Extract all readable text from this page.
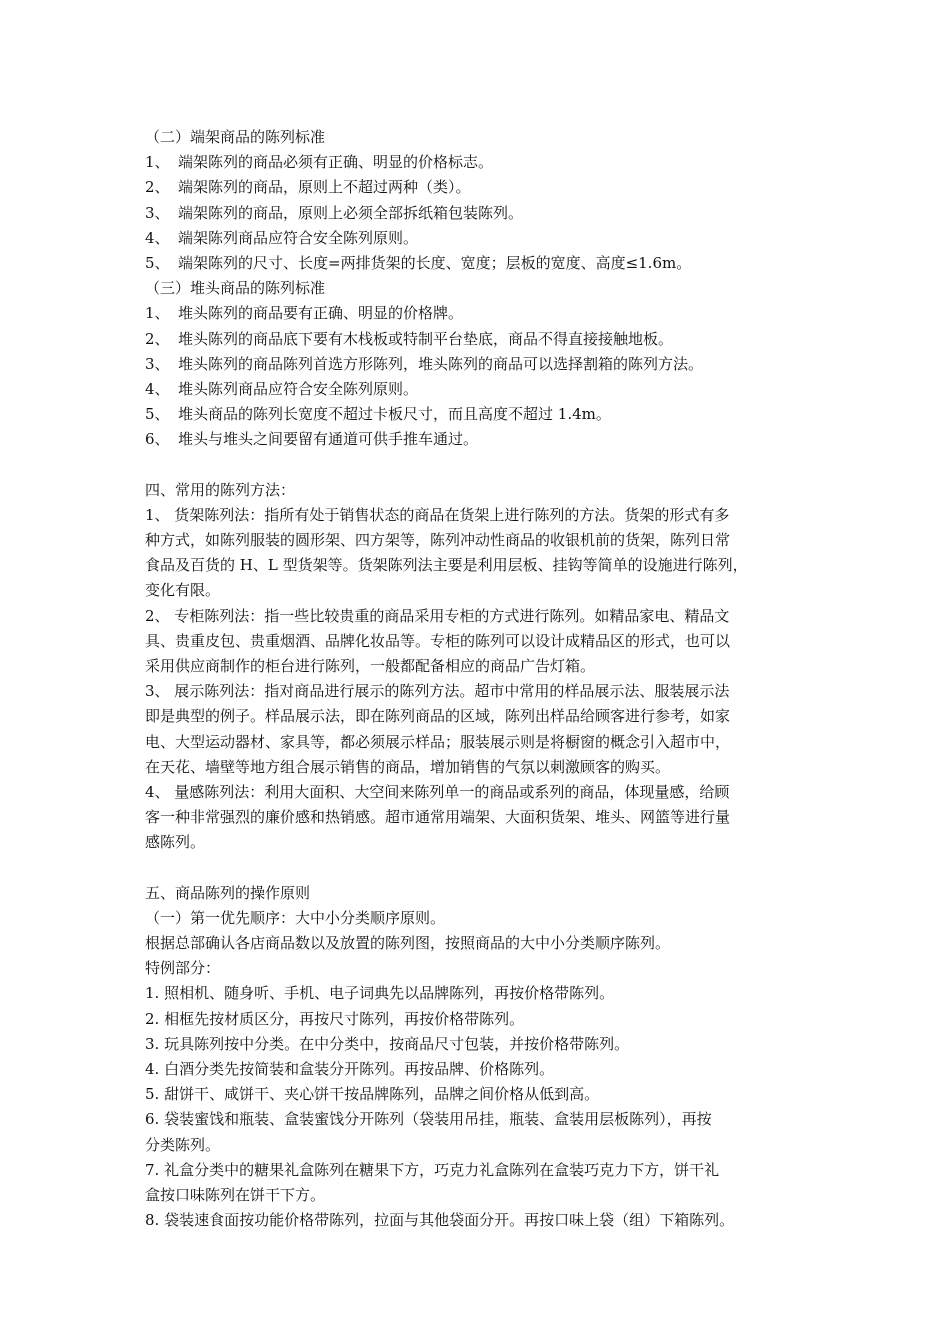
（二）端架商品的陈列标准
1、 端架陈列的商品必须有正确、明显的价格标志。
2、 端架陈列的商品，原则上不超过两种（类）。
3、 端架陈列的商品，原则上必须全部拆纸箱包装陈列。
4、 端架陈列商品应符合安全陈列原则。
5、 端架陈列的尺寸、长度=两排货架的长度、宽度；层板的宽度、高度≤1.6m。
（三）堆头商品的陈列标准
1、 堆头陈列的商品要有正确、明显的价格牌。
2、 堆头陈列的商品底下要有木栈板或特制平台垫底，商品不得直接接触地板。
3、 堆头陈列的商品陈列首选方形陈列，堆头陈列的商品可以选择割箱的陈列方法。
4、 堆头陈列商品应符合安全陈列原则。
5、 堆头商品的陈列长宽度不超过卡板尺寸，而且高度不超过 1.4m。
6、 堆头与堆头之间要留有通道可供手推车通过。
四、常用的陈列方法：
1、 货架陈列法：指所有处于销售状态的商品在货架上进行陈列的方法。货架的形式有多
种方式，如陈列服装的圆形架、四方架等，陈列冲动性商品的收银机前的货架，陈列日常
食品及百货的 H、L 型货架等。货架陈列法主要是利用层板、挂钩等简单的设施进行陈列，
变化有限。
2、 专柜陈列法：指一些比较贵重的商品采用专柜的方式进行陈列。如精品家电、精品文
具、贵重皮包、贵重烟酒、品牌化妆品等。专柜的陈列可以设计成精品区的形式，也可以
采用供应商制作的柜台进行陈列，一般都配备相应的商品广告灯箱。
3、 展示陈列法：指对商品进行展示的陈列方法。超市中常用的样品展示法、服装展示法
即是典型的例子。样品展示法，即在陈列商品的区域，陈列出样品给顾客进行参考，如家
电、大型运动器材、家具等，都必须展示样品；服装展示则是将橱窗的概念引入超市中，
在天花、墙壁等地方组合展示销售的商品，增加销售的气氛以刺激顾客的购买。
4、 量感陈列法：利用大面积、大空间来陈列单一的商品或系列的商品，体现量感，给顾
客一种非常强烈的廉价感和热销感。超市通常用端架、大面积货架、堆头、网篮等进行量
感陈列。
五、商品陈列的操作原则
（一）第一优先顺序：大中小分类顺序原则。
根据总部确认各店商品数以及放置的陈列图，按照商品的大中小分类顺序陈列。
特例部分：
1. 照相机、随身听、手机、电子词典先以品牌陈列，再按价格带陈列。
2. 相框先按材质区分，再按尺寸陈列，再按价格带陈列。
3. 玩具陈列按中分类。在中分类中，按商品尺寸包装，并按价格带陈列。
4. 白酒分类先按简装和盒装分开陈列。再按品牌、价格陈列。
5. 甜饼干、咸饼干、夹心饼干按品牌陈列，品牌之间价格从低到高。
6. 袋装蜜饯和瓶装、盒装蜜饯分开陈列（袋装用吊挂，瓶装、盒装用层板陈列），再按
分类陈列。
7. 礼盒分类中的糖果礼盒陈列在糖果下方，巧克力礼盒陈列在盒装巧克力下方，饼干礼
盒按口味陈列在饼干下方。
8. 袋装速食面按功能价格带陈列，拉面与其他袋面分开。再按口味上袋（组）下箱陈列。
